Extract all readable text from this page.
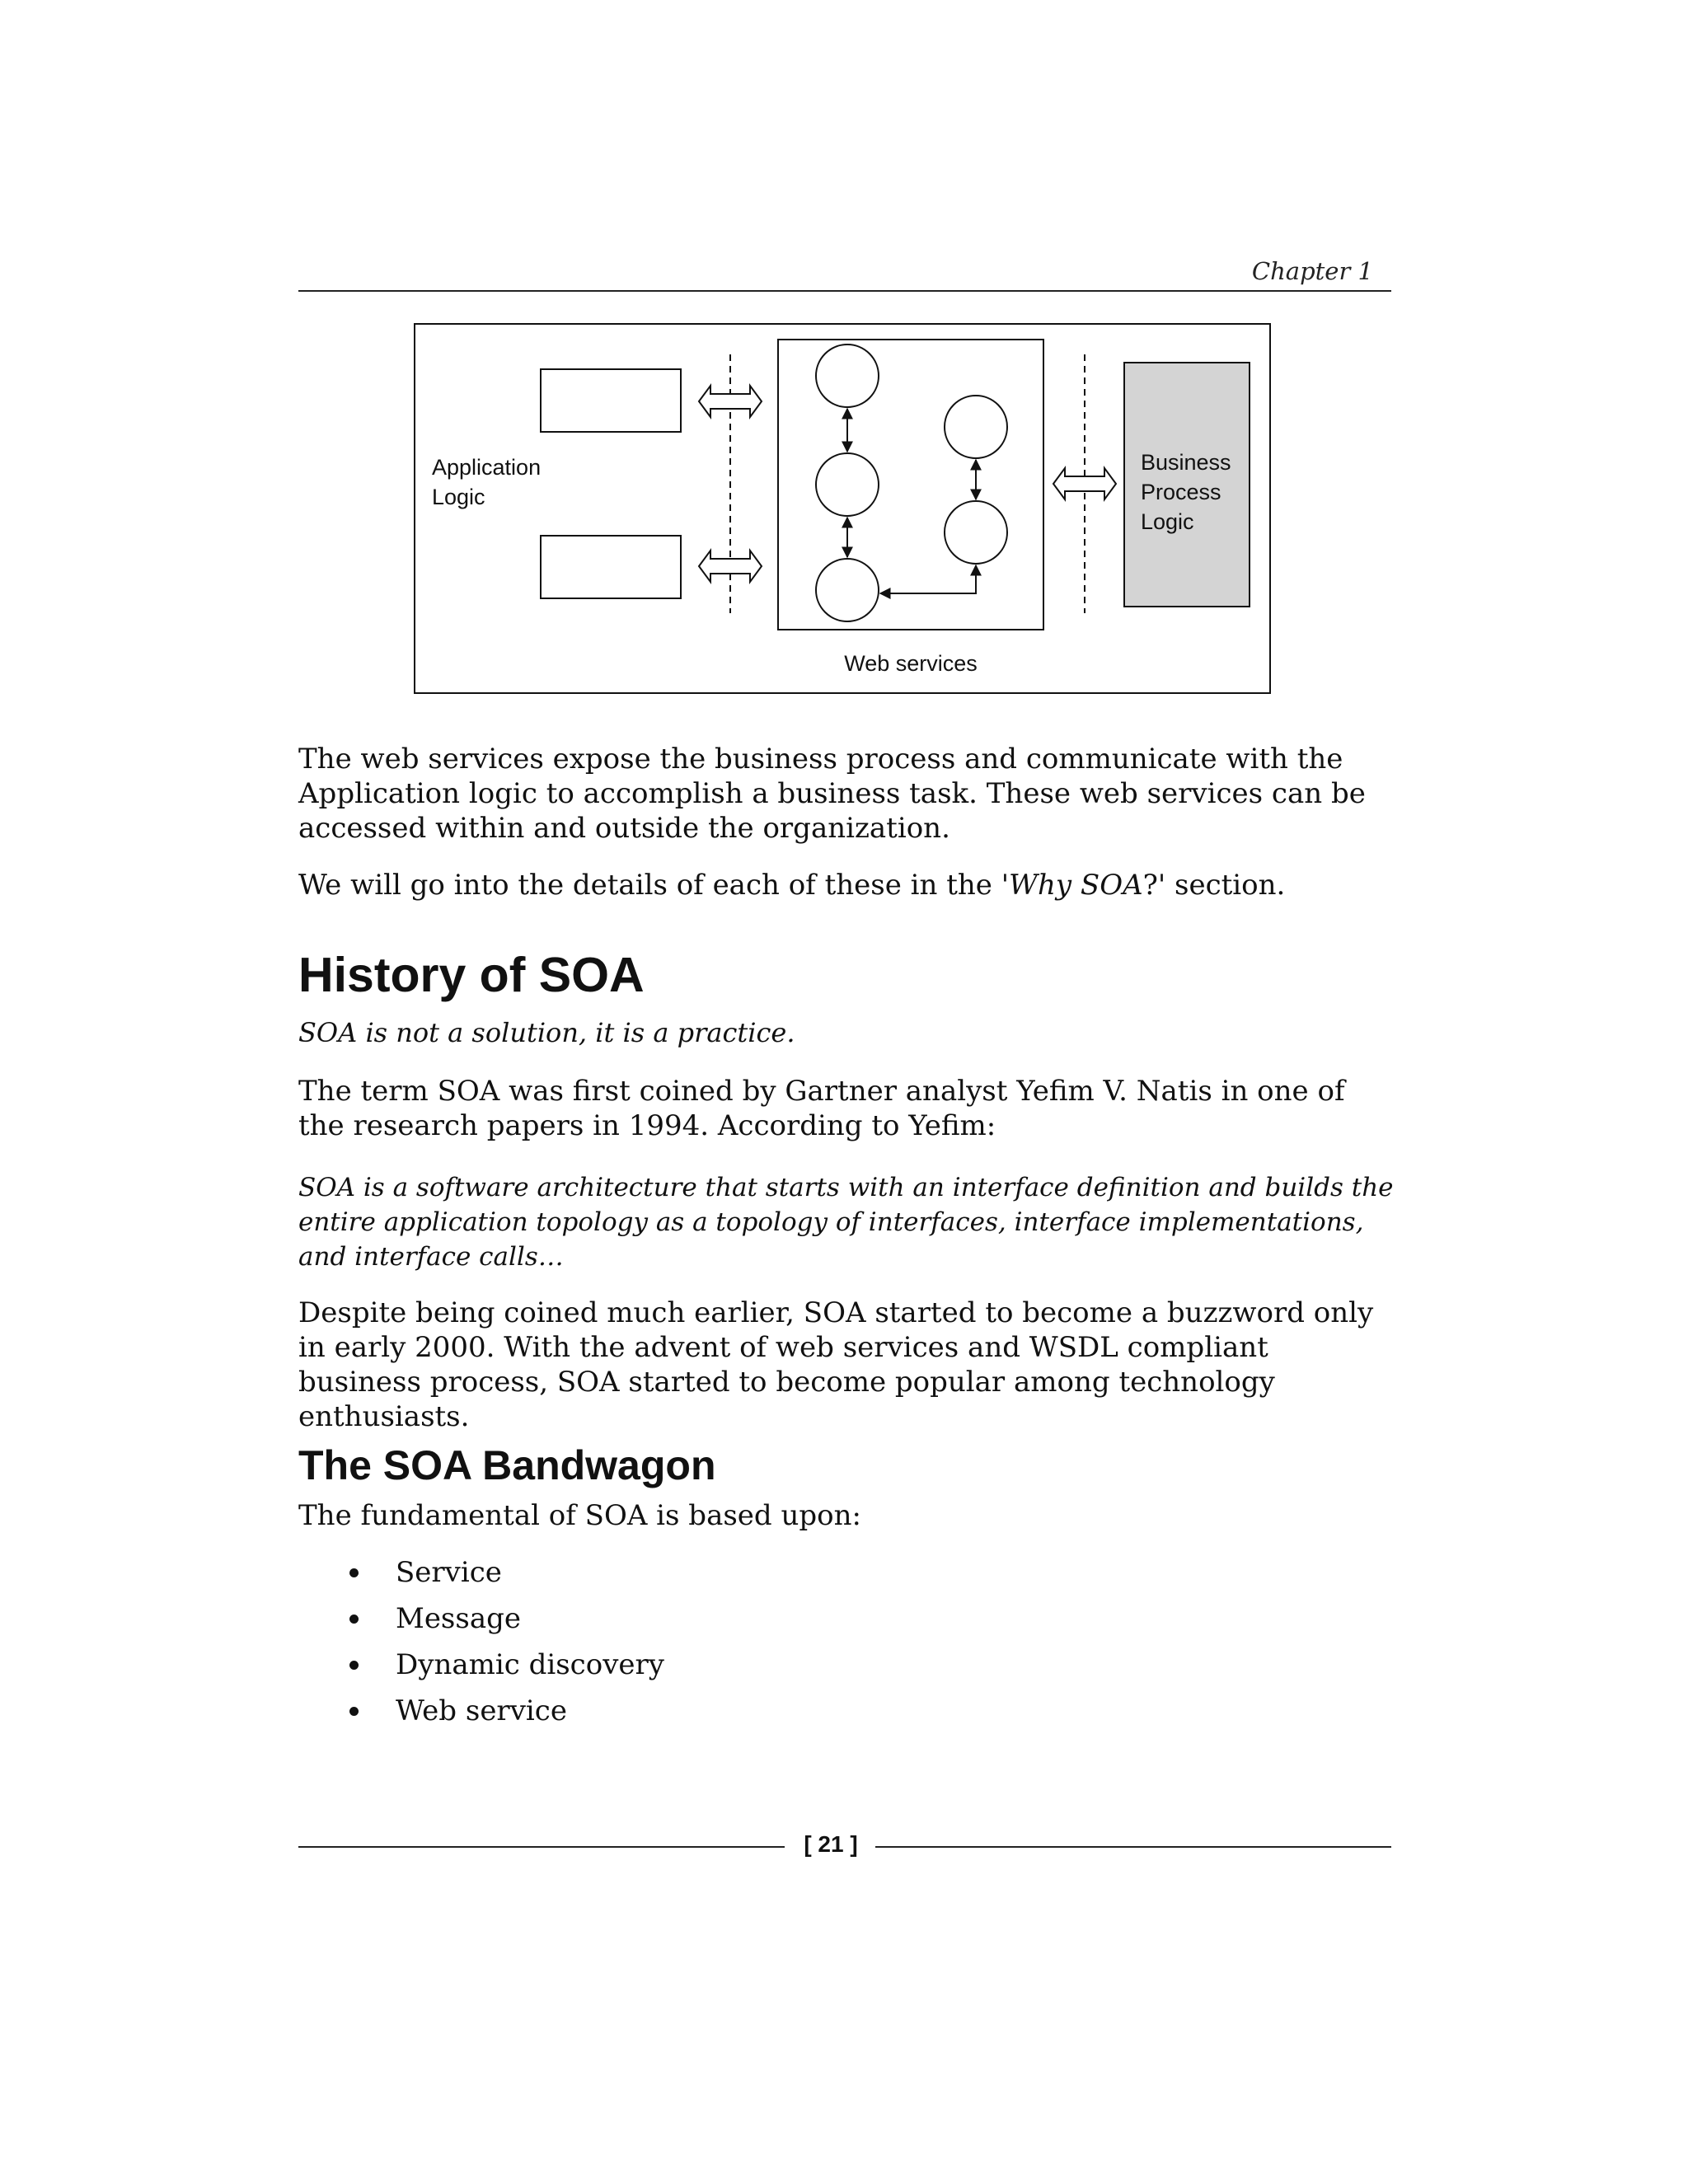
Chapter 1
Application
Logic
Business
Process
Logic
Web services

The web services expose the business process and communicate with the Application logic to accomplish a business task. These web services can be accessed within and outside the organization.

We will go into the details of each of these in the 'Why SOA?' section.

History of SOA
SOA is not a solution, it is a practice.

The term SOA was first coined by Gartner analyst Yefim V. Natis in one of the research papers in 1994. According to Yefim:

SOA is a software architecture that starts with an interface definition and builds the entire application topology as a topology of interfaces, interface implementations, and interface calls…

Despite being coined much earlier, SOA started to become a buzzword only in early 2000. With the advent of web services and WSDL compliant business process, SOA started to become popular among technology enthusiasts.

The SOA Bandwagon

The fundamental of SOA is based upon:

Service
Message
Dynamic discovery
Web service
[ 21 ]
